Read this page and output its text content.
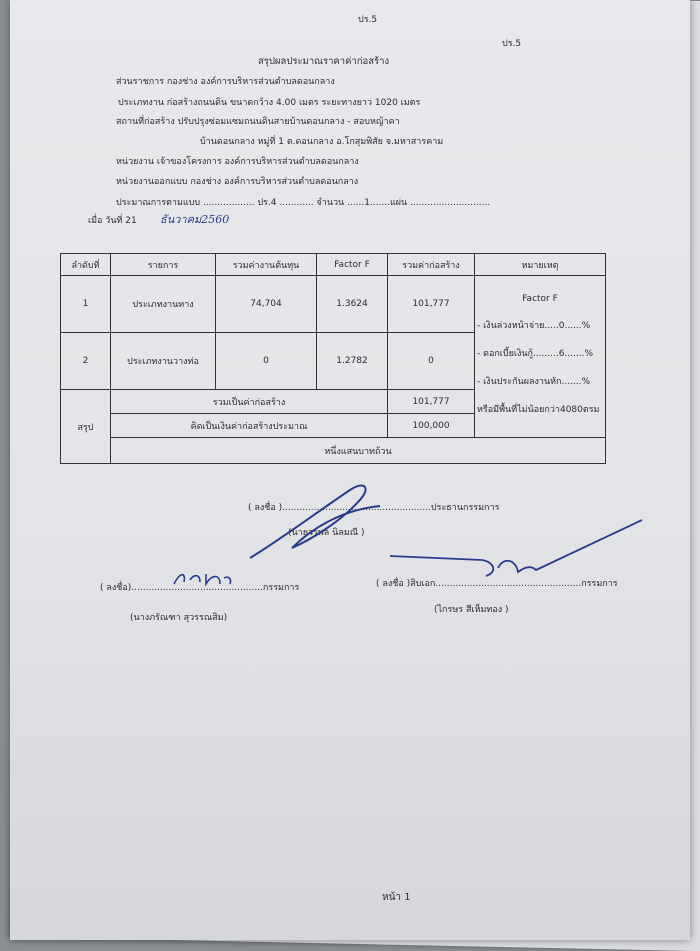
ปร.5
ปร.5
สรุปผลประมาณราคาค่าก่อสร้าง
ส่วนราชการ กองช่าง องค์การบริหารส่วนตำบลดอนกลาง
ประเภทงาน ก่อสร้างถนนดิน ขนาดกว้าง 4.00 เมตร ระยะทางยาว 1020 เมตร
สถานที่ก่อสร้าง ปรับปรุงซ่อมแซมถนนดินสายบ้านดอนกลาง - สอบหญ้าคา
บ้านดอนกลาง หมู่ที่ 1 ต.ดอนกลาง อ.โกสุมพิสัย จ.มหาสารคาม
หน่วยงาน เจ้าของโครงการ องค์การบริหารส่วนตำบลดอนกลาง
หน่วยงานออกแบบ กองช่าง องค์การบริหารส่วนตำบลดอนกลาง
ประมาณการตามแบบ .................. ปร.4 ............ จำนวน ......1.......แผ่น ............................
เมื่อ วันที่ 21 ธันวาคม2560
ลำดับที่	รายการ	รวมค่างานต้นทุน	Factor F	รวมค่าก่อสร้าง	หมายเหตุ
1	ประเภทงานทาง	74,704	1.3624	101,777	Factor F
- เงินล่วงหน้าจ่าย.....0......%
- ดอกเบี้ยเงินกู้.........6.......%
- เงินประกันผลงานหัก.......%
หรือมีพื้นที่ไม่น้อยกว่า4080ตรม

2	ประเภทงานวางท่อ	0	1.2782	0	
สรุป	รวมเป็นค่าก่อสร้าง			101,777	
	คิดเป็นเงินค่าก่อสร้างประมาณ			100,000	
	หนึ่งแสนบาทถ้วน				
( ลงชื่อ )....................................................ประธานกรรมการ
(นายวรพล นิลมณี )
( ลงชื่อ)..............................................กรรมการ
(นางภรัณฑา สุวรรณสิม)
( ลงชื่อ )สิบเอก...................................................กรรมการ
(ไกรษร สีเห็มทอง )
หน้า 1
